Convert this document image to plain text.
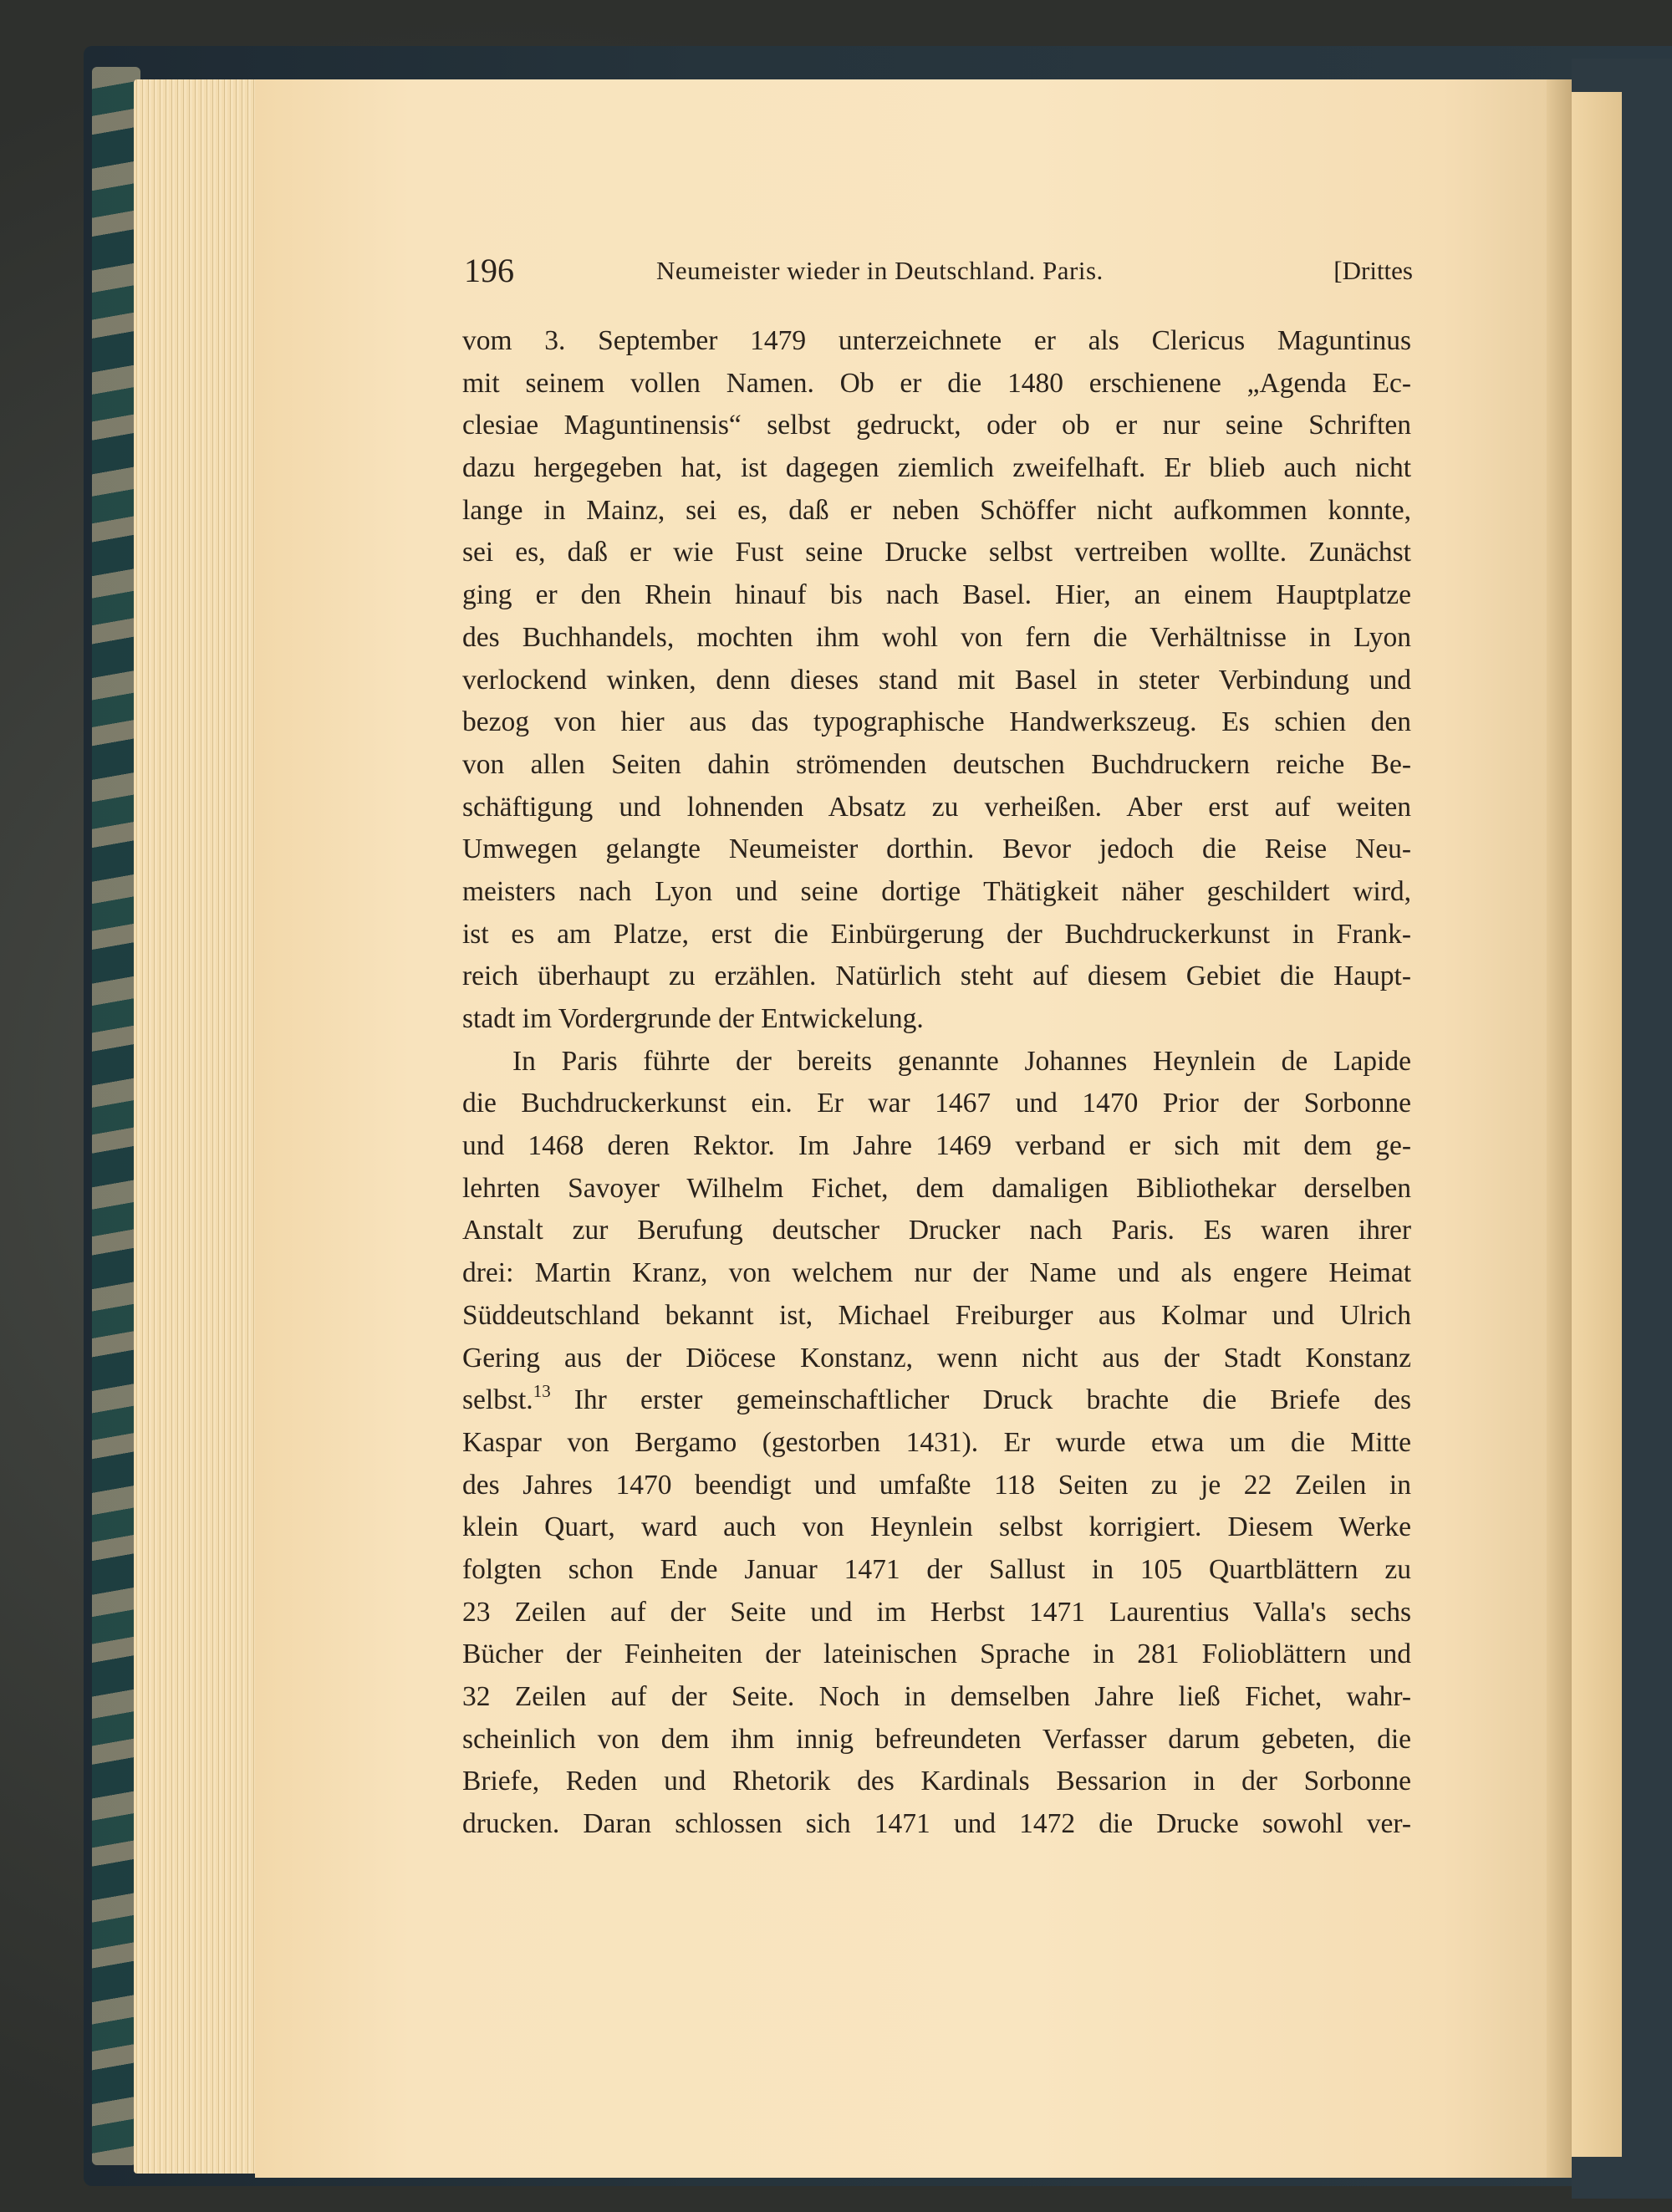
196	Neumeister wieder in Deutschland. Paris.	[Drittes
vom 3. September 1479 unterzeichnete er als Clericus Maguntinus
mit seinem vollen Namen. Ob er die 1480 erschienene „Agenda Ec-
clesiae Maguntinensis“ selbst gedruckt, oder ob er nur seine Schriften
dazu hergegeben hat, ist dagegen ziemlich zweifelhaft. Er blieb auch nicht
lange in Mainz, sei es, daß er neben Schöffer nicht aufkommen konnte,
sei es, daß er wie Fust seine Drucke selbst vertreiben wollte. Zunächst
ging er den Rhein hinauf bis nach Basel. Hier, an einem Hauptplatze
des Buchhandels, mochten ihm wohl von fern die Verhältnisse in Lyon
verlockend winken, denn dieses stand mit Basel in steter Verbindung und
bezog von hier aus das typographische Handwerkszeug. Es schien den
von allen Seiten dahin strömenden deutschen Buchdruckern reiche Be-
schäftigung und lohnenden Absatz zu verheißen. Aber erst auf weiten
Umwegen gelangte Neumeister dorthin. Bevor jedoch die Reise Neu-
meisters nach Lyon und seine dortige Thätigkeit näher geschildert wird,
ist es am Platze, erst die Einbürgerung der Buchdruckerkunst in Frank-
reich überhaupt zu erzählen. Natürlich steht auf diesem Gebiet die Haupt-
stadt im Vordergrunde der Entwickelung.
In Paris führte der bereits genannte Johannes Heynlein de Lapide
die Buchdruckerkunst ein. Er war 1467 und 1470 Prior der Sorbonne
und 1468 deren Rektor. Im Jahre 1469 verband er sich mit dem ge-
lehrten Savoyer Wilhelm Fichet, dem damaligen Bibliothekar derselben
Anstalt zur Berufung deutscher Drucker nach Paris. Es waren ihrer
drei: Martin Kranz, von welchem nur der Name und als engere Heimat
Süddeutschland bekannt ist, Michael Freiburger aus Kolmar und Ulrich
Gering aus der Diöcese Konstanz, wenn nicht aus der Stadt Konstanz
selbst.$^{13}$ Ihr erster gemeinschaftlicher Druck brachte die Briefe des
Kaspar von Bergamo (gestorben 1431). Er wurde etwa um die Mitte
des Jahres 1470 beendigt und umfaßte 118 Seiten zu je 22 Zeilen in
klein Quart, ward auch von Heynlein selbst korrigiert. Diesem Werke
folgten schon Ende Januar 1471 der Sallust in 105 Quartblättern zu
23 Zeilen auf der Seite und im Herbst 1471 Laurentius Valla's sechs
Bücher der Feinheiten der lateinischen Sprache in 281 Folioblättern und
32 Zeilen auf der Seite. Noch in demselben Jahre ließ Fichet, wahr-
scheinlich von dem ihm innig befreundeten Verfasser darum gebeten, die
Briefe, Reden und Rhetorik des Kardinals Bessarion in der Sorbonne
drucken. Daran schlossen sich 1471 und 1472 die Drucke sowohl ver-
